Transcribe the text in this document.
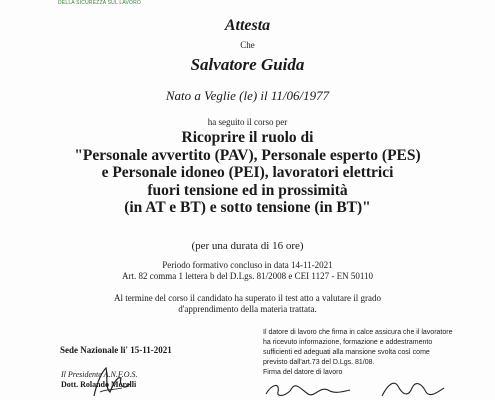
DELLA SICUREZZA SUL LAVORO
Attesta
Che
Salvatore Guida
Nato a Veglie (le) il 11/06/1977
ha seguito il corso per
Ricoprire il ruolo di
"Personale avvertito (PAV), Personale esperto (PES)
e Personale idoneo (PEI), lavoratori elettrici
fuori tensione ed in prossimità
(in AT e BT) e sotto tensione (in BT)"
(per una durata di 16 ore)
Periodo formativo concluso in data 14-11-2021
Art. 82 comma 1 lettera b del D.Lgs. 81/2008 e CEI 1127 - EN 50110
Al termine del corso il candidato ha superato il test atto a valutare il grado
d'apprendimento della materia trattata.
Sede Nazionale li' 15-11-2021
Il Presidente A.N.F.O.S.
Dott. Rolando Morelli
Il datore di lavoro che firma in calce assicura che il lavoratore
ha ricevuto informazione, formazione e addestramento
sufficienti ed adeguati alla mansione svolta così come
previsto dall'art.73 del D.Lgs. 81/08.
Firma del datore di lavoro
